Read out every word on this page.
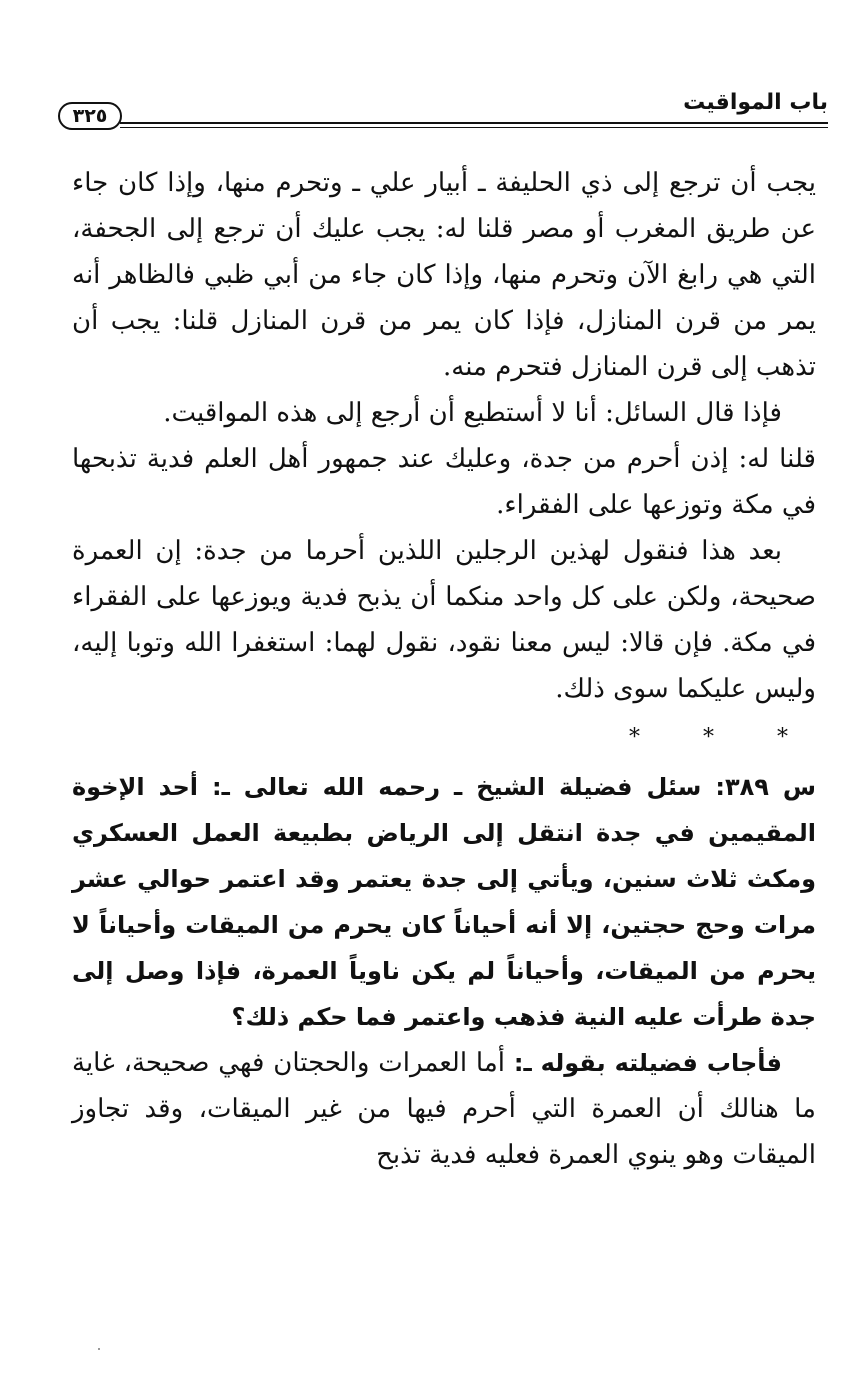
باب المواقيت
٣٢٥

يجب أن ترجع إلى ذي الحليفة ـ أبيار علي ـ وتحرم منها، وإذا كان جاء عن طريق المغرب أو مصر قلنا له: يجب عليك أن ترجع إلى الجحفة، التي هي رابغ الآن وتحرم منها، وإذا كان جاء من أبي ظبي فالظاهر أنه يمر من قرن المنازل، فإذا كان يمر من قرن المنازل قلنا: يجب أن تذهب إلى قرن المنازل فتحرم منه.

فإذا قال السائل: أنا لا أستطيع أن أرجع إلى هذه المواقيت.

قلنا له: إذن أحرم من جدة، وعليك عند جمهور أهل العلم فدية تذبحها في مكة وتوزعها على الفقراء.

بعد هذا فنقول لهذين الرجلين اللذين أحرما من جدة: إن العمرة صحيحة، ولكن على كل واحد منكما أن يذبح فدية ويوزعها على الفقراء في مكة. فإن قالا: ليس معنا نقود، نقول لهما: استغفرا الله وتوبا إليه، وليس عليكما سوى ذلك.

* * *

س ٣٨٩: سئل فضيلة الشيخ ـ رحمه الله تعالى ـ: أحد الإخوة المقيمين في جدة انتقل إلى الرياض بطبيعة العمل العسكري ومكث ثلاث سنين، ويأتي إلى جدة يعتمر وقد اعتمر حوالي عشر مرات وحج حجتين، إلا أنه أحياناً كان يحرم من الميقات وأحياناً لا يحرم من الميقات، وأحياناً لم يكن ناوياً العمرة، فإذا وصل إلى جدة طرأت عليه النية فذهب واعتمر فما حكم ذلك؟

فأجاب فضيلته بقوله ـ: أما العمرات والحجتان فهي صحيحة، غاية ما هنالك أن العمرة التي أحرم فيها من غير الميقات، وقد تجاوز الميقات وهو ينوي العمرة فعليه فدية تذبح
